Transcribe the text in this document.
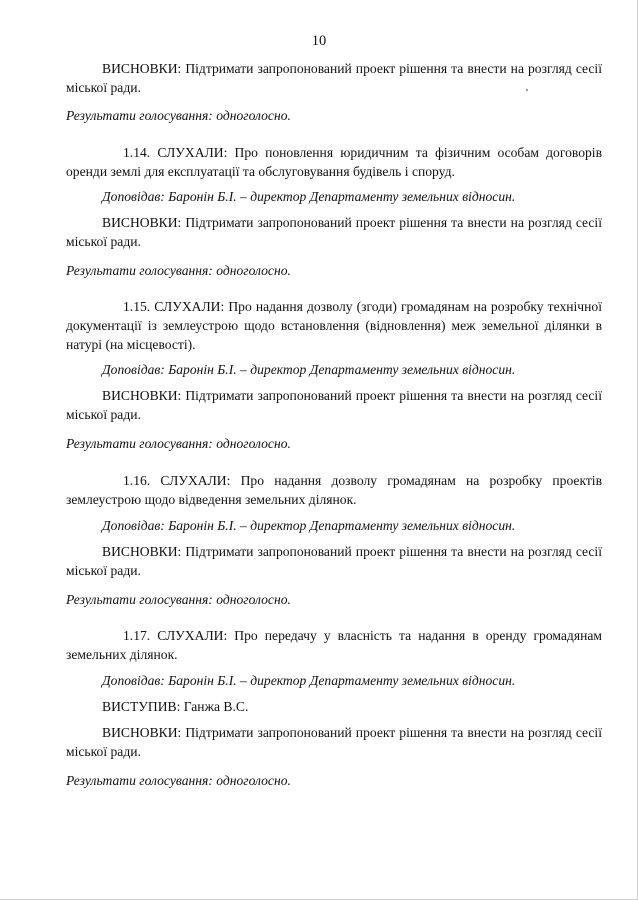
10
ВИСНОВКИ: Підтримати запропонований проект рішення та внести на розгляд сесії міської ради.
Результати голосування: одноголосно.
1.14. СЛУХАЛИ: Про поновлення юридичним та фізичним особам договорів оренди землі для експлуатації та обслуговування будівель і споруд.
Доповідав: Баронін Б.І. – директор Департаменту земельних відносин.
ВИСНОВКИ: Підтримати запропонований проект рішення та внести на розгляд сесії міської ради.
Результати голосування: одноголосно.
1.15. СЛУХАЛИ: Про надання дозволу (згоди) громадянам на розробку технічної документації із землеустрою щодо встановлення (відновлення) меж земельної ділянки в натурі (на місцевості).
Доповідав: Баронін Б.І. – директор Департаменту земельних відносин.
ВИСНОВКИ: Підтримати запропонований проект рішення та внести на розгляд сесії міської ради.
Результати голосування: одноголосно.
1.16. СЛУХАЛИ: Про надання дозволу громадянам на розробку проектів землеустрою щодо відведення земельних ділянок.
Доповідав: Баронін Б.І. – директор Департаменту земельних відносин.
ВИСНОВКИ: Підтримати запропонований проект рішення та внести на розгляд сесії міської ради.
Результати голосування: одноголосно.
1.17. СЛУХАЛИ: Про передачу у власність та надання в оренду громадянам земельних ділянок.
Доповідав: Баронін Б.І. – директор Департаменту земельних відносин.
ВИСТУПИВ: Ганжа В.С.
ВИСНОВКИ: Підтримати запропонований проект рішення та внести на розгляд сесії міської ради.
Результати голосування: одноголосно.
